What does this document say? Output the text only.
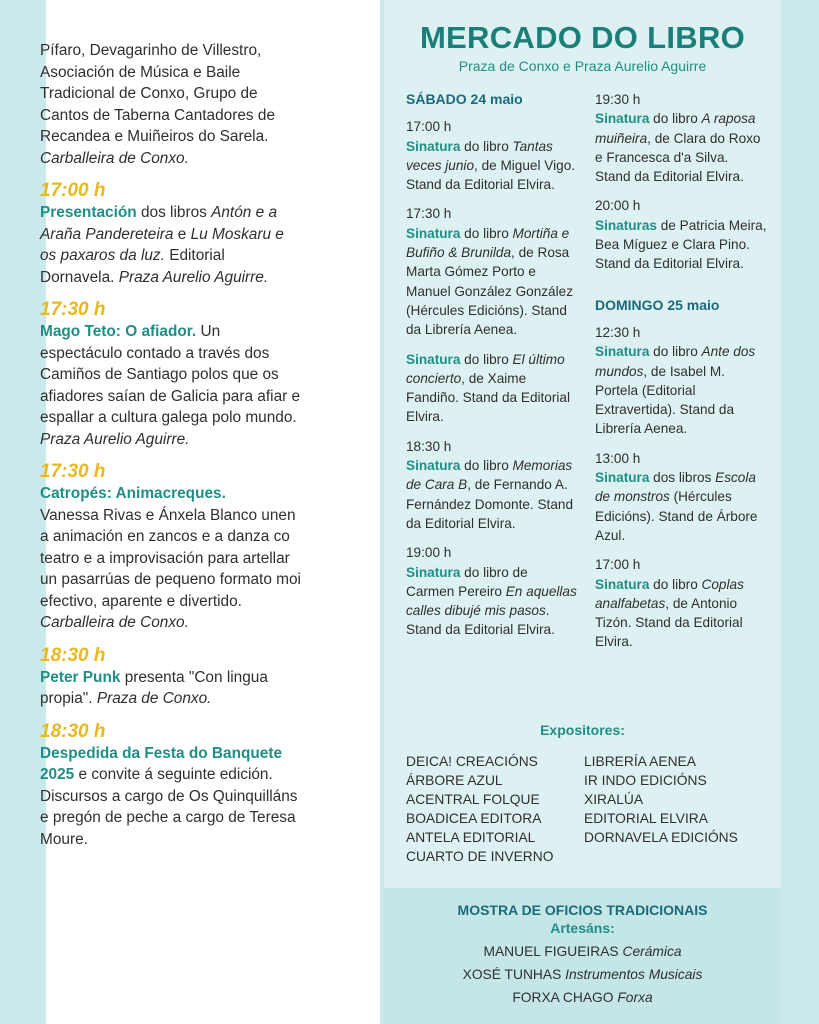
Pífaro, Devagarinho de Villestro, Asociación de Música e Baile Tradicional de Conxo, Grupo de Cantos de Taberna Cantadores de Recandea e Muiñeiros do Sarela. Carballeira de Conxo.

17:00 h

Presentación dos libros Antón e a Araña Pandereteira e Lu Moskaru e os paxaros da luz. Editorial Dornavela. Praza Aurelio Aguirre.

17:30 h

Mago Teto: O afiador. Un espectáculo contado a través dos Camiños de Santiago polos que os afiadores saían de Galicia para afiar e espallar a cultura galega polo mundo. Praza Aurelio Aguirre.

17:30 h

Catropés: Animacreques.
Vanessa Rivas e Ánxela Blanco unen a animación en zancos e a danza co teatro e a improvisación para artellar un pasarrúas de pequeno formato moi efectivo, aparente e divertido. Carballeira de Conxo.

18:30 h

Peter Punk presenta "Con lingua propia". Praza de Conxo.

18:30 h

Despedida da Festa do Banquete 2025 e convite á seguinte edición. Discursos a cargo de Os Quinquilláns e pregón de peche a cargo de Teresa Moure.

MERCADO DO LIBRO
Praza de Conxo e Praza Aurelio Aguirre

SÁBADO 24 maio

17:00 h

Sinatura do libro Tantas veces junio, de Miguel Vigo. Stand da Editorial Elvira.

17:30 h

Sinatura do libro Mortiña e Bufiño & Brunilda, de Rosa Marta Gómez Porto e Manuel González González (Hércules Edicións). Stand da Librería Aenea.

Sinatura do libro El último concierto, de Xaime Fandiño. Stand da Editorial Elvira.

18:30 h

Sinatura do libro Memorias de Cara B, de Fernando A. Fernández Domonte. Stand da Editorial Elvira.

19:00 h

Sinatura do libro de Carmen Pereiro En aquellas calles dibujé mis pasos. Stand da Editorial Elvira.

19:30 h

Sinatura do libro A raposa muiñeira, de Clara do Roxo e Francesca d'a Silva. Stand da Editorial Elvira.

20:00 h

Sinaturas de Patricia Meira, Bea Míguez e Clara Pino. Stand da Editorial Elvira.

DOMINGO 25 maio

12:30 h

Sinatura do libro Ante dos mundos, de Isabel M. Portela (Editorial Extravertida). Stand da Librería Aenea.

13:00 h

Sinatura dos libros Escola de monstros (Hércules Edicións). Stand de Árbore Azul.

17:00 h

Sinatura do libro Coplas analfabetas, de Antonio Tizón. Stand da Editorial Elvira.

Expositores:

DEICA! CREACIÓNS

ÁRBORE AZUL

ACENTRAL FOLQUE

BOADICEA EDITORA

ANTELA EDITORIAL

CUARTO DE INVERNO

LIBRERÍA AENEA

IR INDO EDICIÓNS

XIRALÚA

EDITORIAL ELVIRA

DORNAVELA EDICIÓNS

MOSTRA DE OFICIOS TRADICIONAIS
Artesáns:
MANUEL FIGUEIRAS Cerámica
XOSÉ TUNHAS Instrumentos Musicais
FORXA CHAGO Forxa
